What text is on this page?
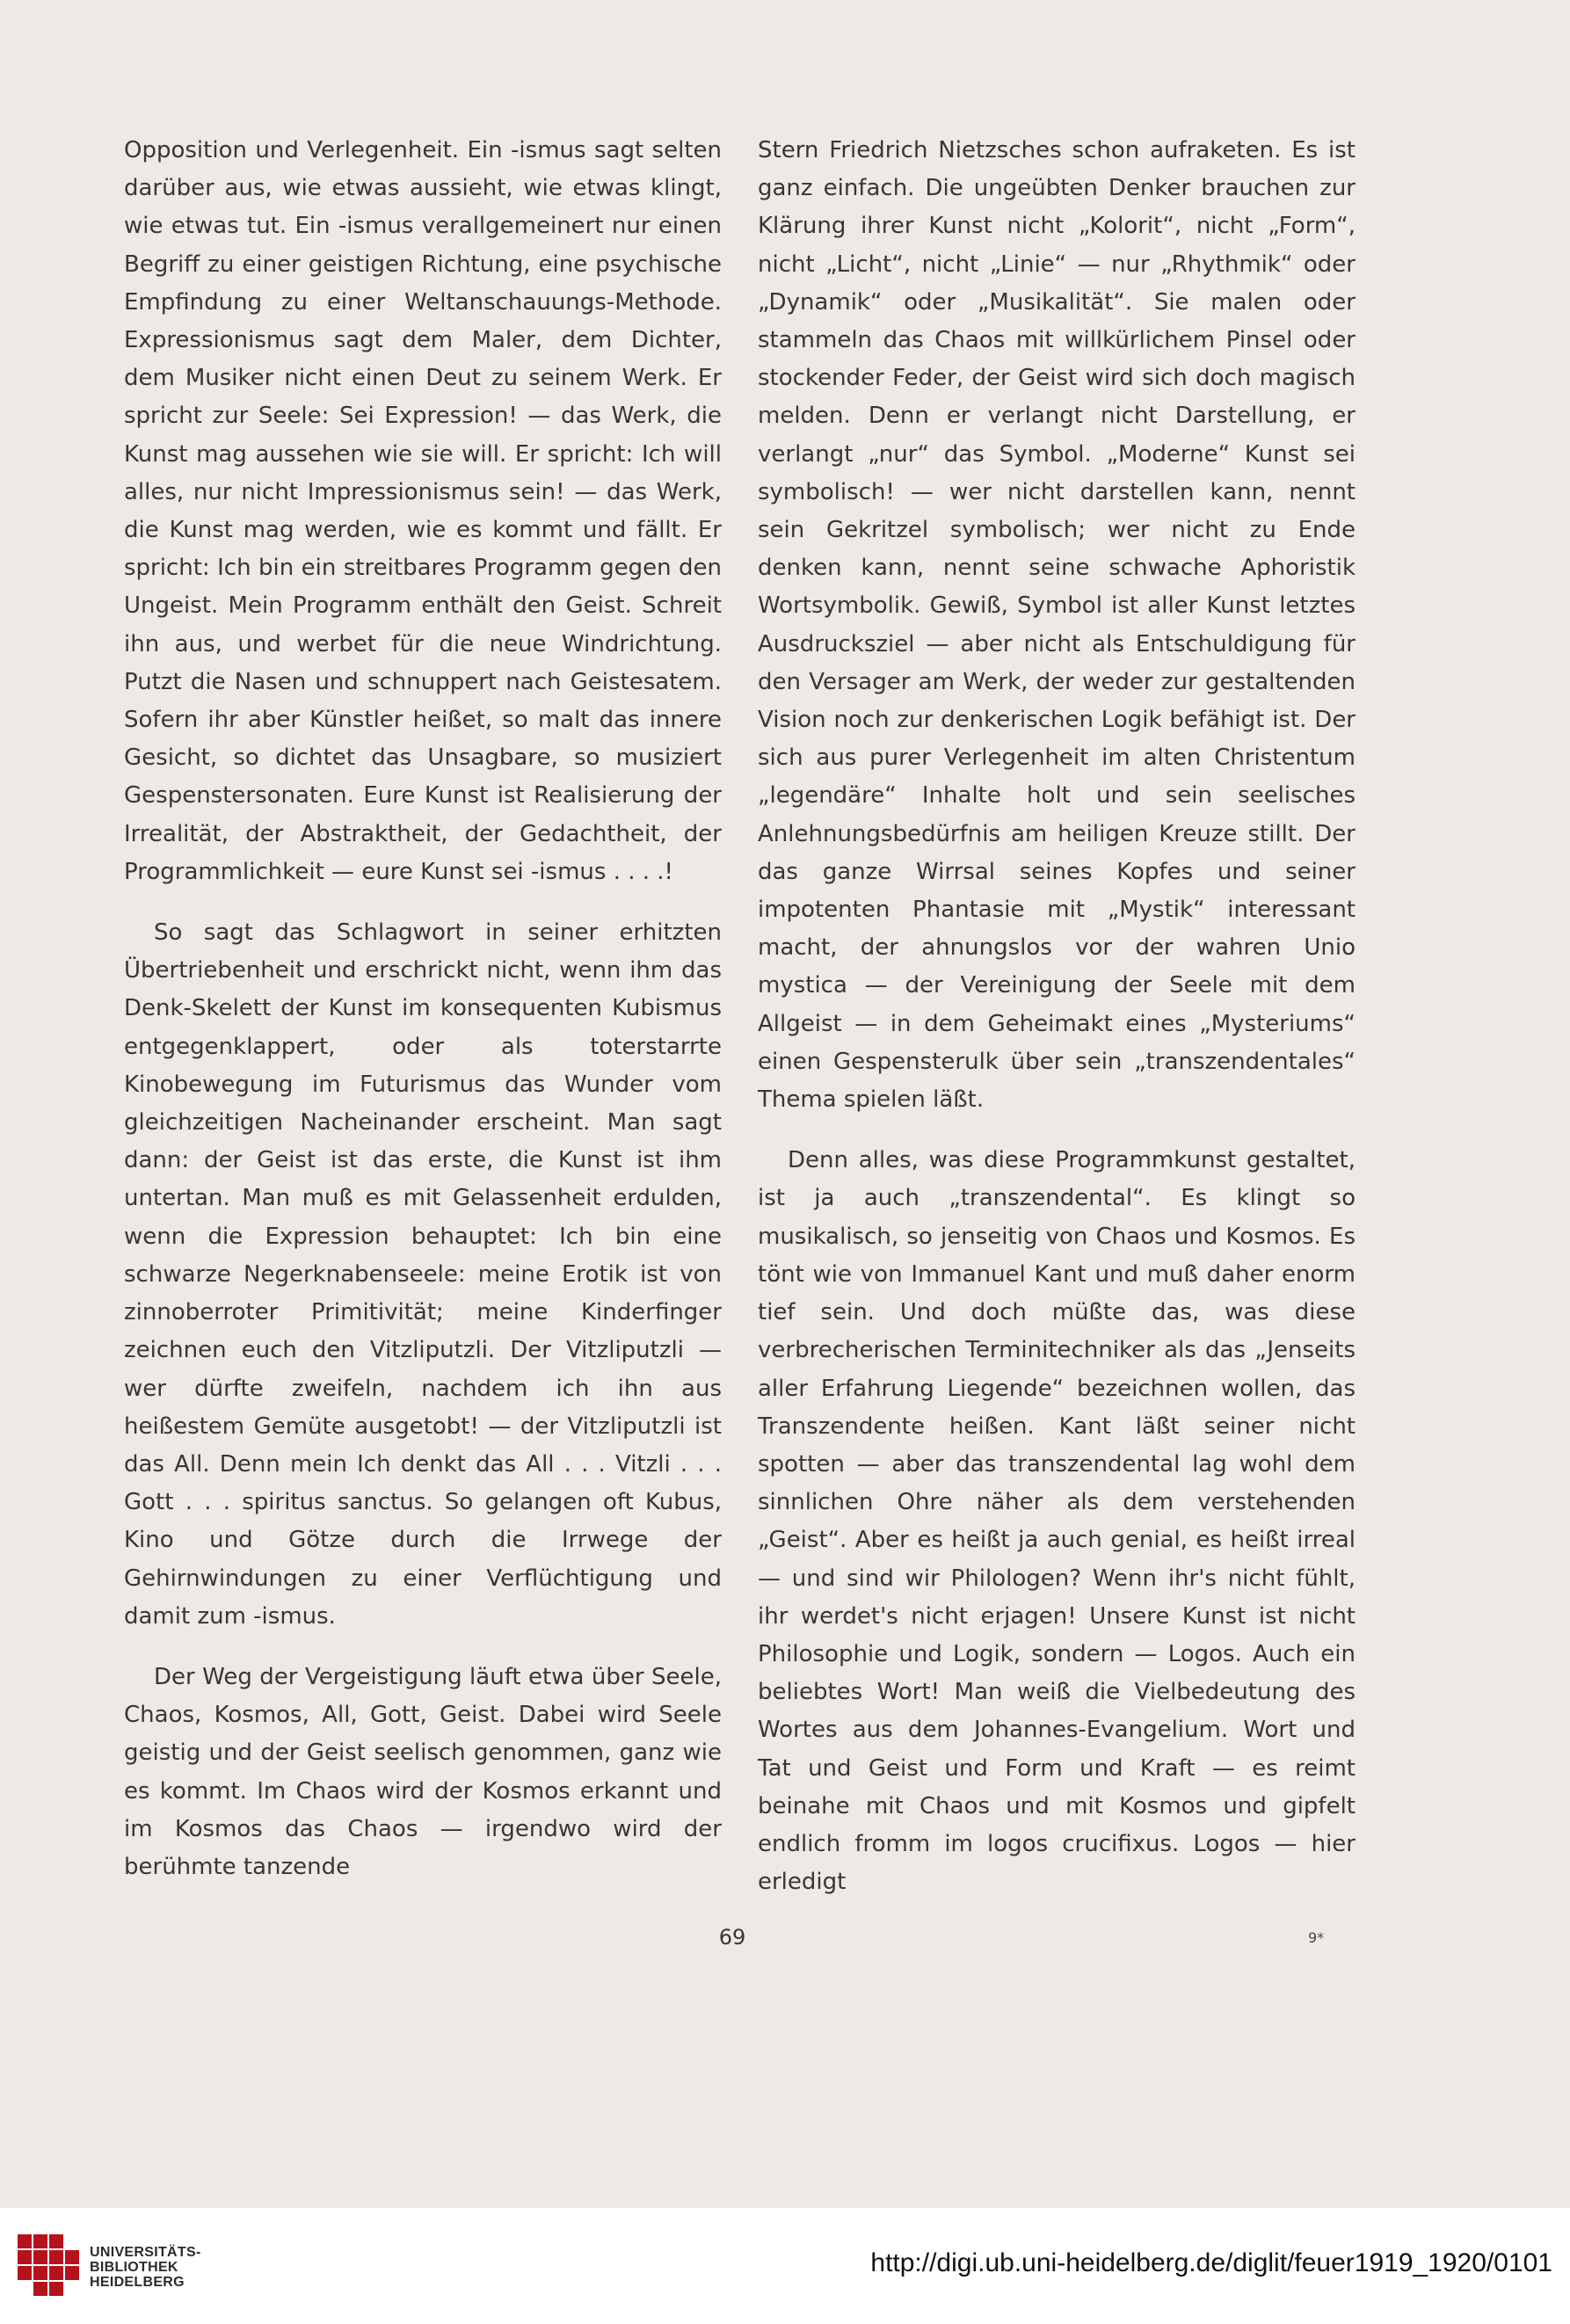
Opposition und Verlegenheit. Ein -ismus sagt selten darüber aus, wie etwas aussieht, wie etwas klingt, wie etwas tut. Ein -ismus verallgemeinert nur einen Begriff zu einer geistigen Richtung, eine psychische Empfindung zu einer Weltanschauungs-Methode. Expressionismus sagt dem Maler, dem Dichter, dem Musiker nicht einen Deut zu seinem Werk. Er spricht zur Seele: Sei Expression! — das Werk, die Kunst mag aussehen wie sie will. Er spricht: Ich will alles, nur nicht Impressionismus sein! — das Werk, die Kunst mag werden, wie es kommt und fällt. Er spricht: Ich bin ein streitbares Programm gegen den Ungeist. Mein Programm enthält den Geist. Schreit ihn aus, und werbet für die neue Windrichtung. Putzt die Nasen und schnuppert nach Geistesatem. Sofern ihr aber Künstler heißet, so malt das innere Gesicht, so dichtet das Unsagbare, so musiziert Gespenstersonaten. Eure Kunst ist Realisierung der Irrealität, der Abstraktheit, der Gedachtheit, der Programmlichkeit — eure Kunst sei -ismus . . . .!

So sagt das Schlagwort in seiner erhitzten Übertriebenheit und erschrickt nicht, wenn ihm das Denk-Skelett der Kunst im konsequenten Kubismus entgegenklappert, oder als toterstarrte Kinobewegung im Futurismus das Wunder vom gleichzeitigen Nacheinander erscheint. Man sagt dann: der Geist ist das erste, die Kunst ist ihm untertan. Man muß es mit Gelassenheit erdulden, wenn die Expression behauptet: Ich bin eine schwarze Negerknabenseele: meine Erotik ist von zinnoberroter Primitivität; meine Kinderfinger zeichnen euch den Vitzliputzli. Der Vitzliputzli — wer dürfte zweifeln, nachdem ich ihn aus heißestem Gemüte ausgetobt! — der Vitzliputzli ist das All. Denn mein Ich denkt das All . . . Vitzli . . . Gott . . . spiritus sanctus. So gelangen oft Kubus, Kino und Götze durch die Irrwege der Gehirnwindungen zu einer Verflüchtigung und damit zum -ismus.

Der Weg der Vergeistigung läuft etwa über Seele, Chaos, Kosmos, All, Gott, Geist. Dabei wird Seele geistig und der Geist seelisch genommen, ganz wie es kommt. Im Chaos wird der Kosmos erkannt und im Kosmos das Chaos — irgendwo wird der berühmte tanzende

Stern Friedrich Nietzsches schon aufraketen. Es ist ganz einfach. Die ungeübten Denker brauchen zur Klärung ihrer Kunst nicht „Kolorit“, nicht „Form“, nicht „Licht“, nicht „Linie“ — nur „Rhythmik“ oder „Dynamik“ oder „Musikalität“. Sie malen oder stammeln das Chaos mit willkürlichem Pinsel oder stockender Feder, der Geist wird sich doch magisch melden. Denn er verlangt nicht Darstellung, er verlangt „nur“ das Symbol. „Moderne“ Kunst sei symbolisch! — wer nicht darstellen kann, nennt sein Gekritzel symbolisch; wer nicht zu Ende denken kann, nennt seine schwache Aphoristik Wortsymbolik. Gewiß, Symbol ist aller Kunst letztes Ausdrucksziel — aber nicht als Entschuldigung für den Versager am Werk, der weder zur gestaltenden Vision noch zur denkerischen Logik befähigt ist. Der sich aus purer Verlegenheit im alten Christentum „legendäre“ Inhalte holt und sein seelisches Anlehnungsbedürfnis am heiligen Kreuze stillt. Der das ganze Wirrsal seines Kopfes und seiner impotenten Phantasie mit „Mystik“ interessant macht, der ahnungslos vor der wahren Unio mystica — der Vereinigung der Seele mit dem Allgeist — in dem Geheimakt eines „Mysteriums“ einen Gespensterulk über sein „transzendentales“ Thema spielen läßt.

Denn alles, was diese Programmkunst gestaltet, ist ja auch „transzendental“. Es klingt so musikalisch, so jenseitig von Chaos und Kosmos. Es tönt wie von Immanuel Kant und muß daher enorm tief sein. Und doch müßte das, was diese verbrecherischen Terminitechniker als das „Jenseits aller Erfahrung Liegende“ bezeichnen wollen, das Transzendente heißen. Kant läßt seiner nicht spotten — aber das transzendental lag wohl dem sinnlichen Ohre näher als dem verstehenden „Geist“. Aber es heißt ja auch genial, es heißt irreal — und sind wir Philologen? Wenn ihr's nicht fühlt, ihr werdet's nicht erjagen! Unsere Kunst ist nicht Philosophie und Logik, sondern — Logos. Auch ein beliebtes Wort! Man weiß die Vielbedeutung des Wortes aus dem Johannes-Evangelium. Wort und Tat und Geist und Form und Kraft — es reimt beinahe mit Chaos und mit Kosmos und gipfelt endlich fromm im logos crucifixus. Logos — hier erledigt

69	9*
UNIVERSITÄTS-
BIBLIOTHEK
HEIDELBERG
http://digi.ub.uni-heidelberg.de/diglit/feuer1919_1920/0101
